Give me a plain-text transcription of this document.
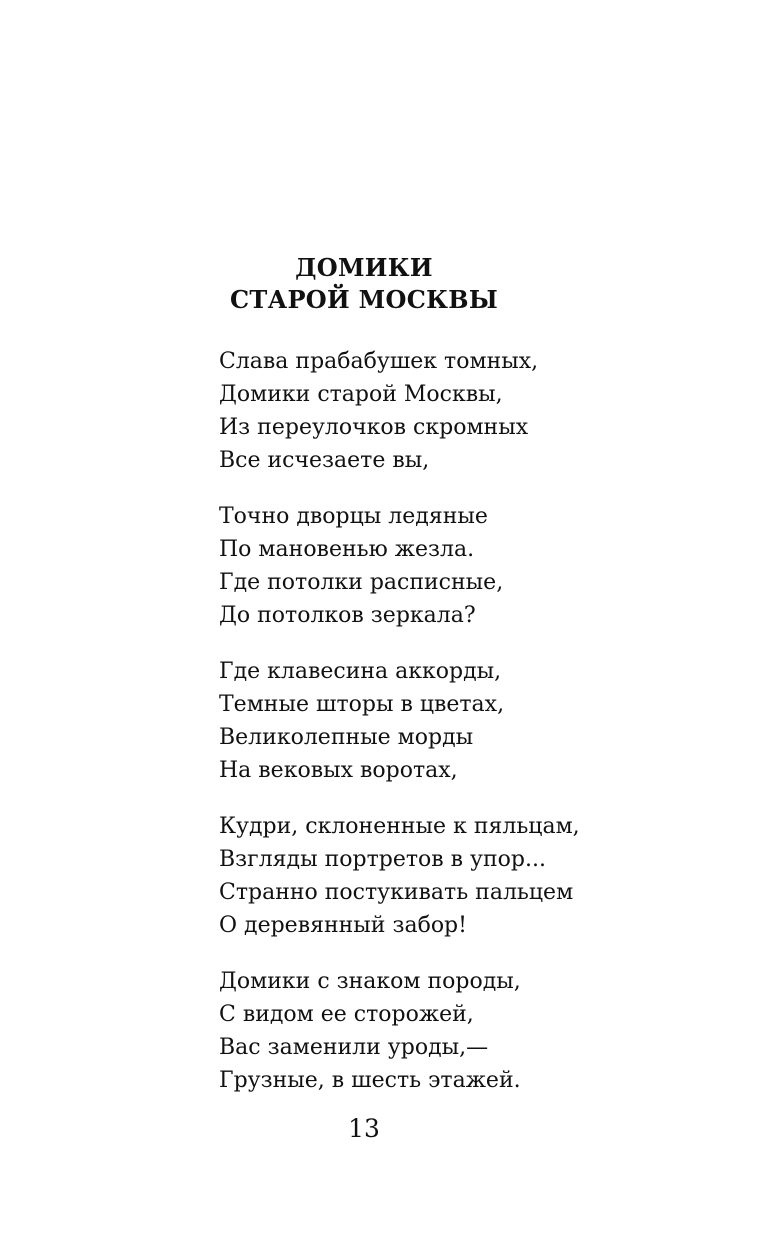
ДОМИКИ
СТАРОЙ МОСКВЫ
Слава прабабушек томных,
Домики старой Москвы,
Из переулочков скромных
Все исчезаете вы,
Точно дворцы ледяные
По мановенью жезла.
Где потолки расписные,
До потолков зеркала?
Где клавесина аккорды,
Темные шторы в цветах,
Великолепные морды
На вековых воротах,
Кудри, склоненные к пяльцам,
Взгляды портретов в упор...
Странно постукивать пальцем
О деревянный забор!
Домики с знаком породы,
С видом ее сторожей,
Вас заменили уроды,—
Грузные, в шесть этажей.
13
